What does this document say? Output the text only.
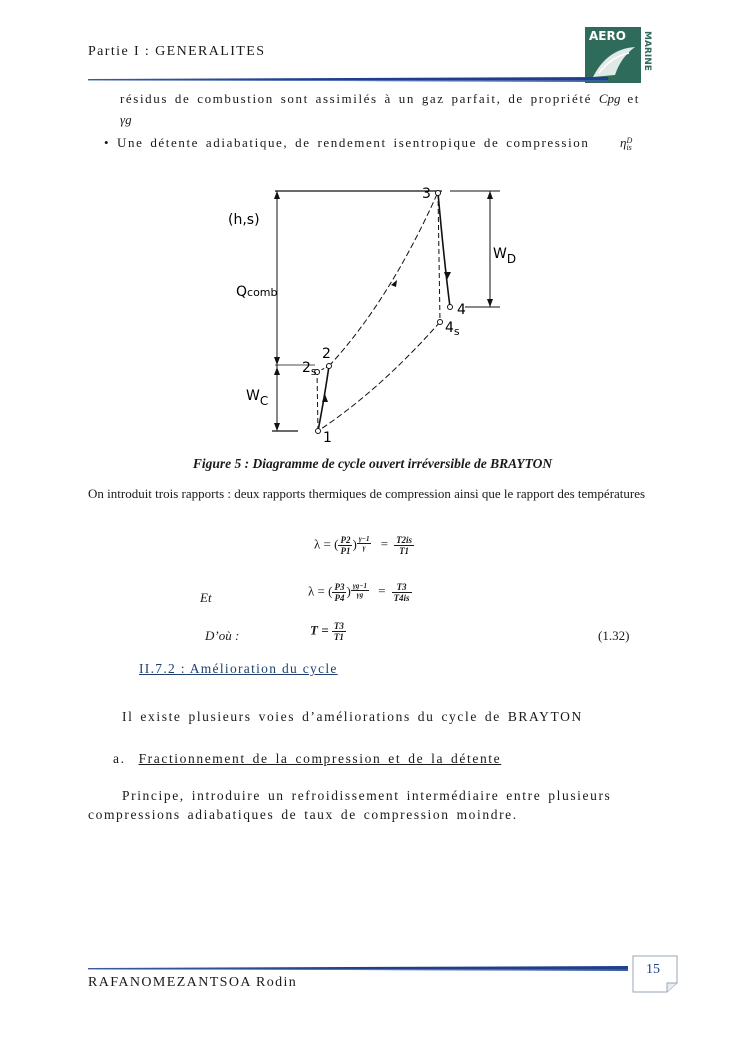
Partie I : GENERALITES
AERO MARINE
résidus de combustion sont assimilés à un gaz parfait, de propriété Cpg et
γg
• Une détente adiabatique, de rendement isentropique de compression ηD
is
(h,s)
Qcomb
WD
WC
3
4
$4_s$
2
$2_s$
1
Figure 5 : Diagramme de cycle ouvert irréversible de BRAYTON
On introduit trois rapports : deux rapports thermiques de compression ainsi que le rapport des températures
λ = ( $\frac{P2}{P1}$ ) $\frac{\gamma-1}{\gamma} = \frac{T2is}{T1}$
Et	λ = ( $\frac{P3}{P4}$ ) $\frac{\gamma g-1}{\gamma g} = \frac{T3}{T4is}$
D’où :	$T = \frac{T3}{T1}$	(1.32)
II.7.2 : Amélioration du cycle
Il existe plusieurs voies d’améliorations du cycle de BRAYTON
a. Fractionnement de la compression et de la détente
Principe, introduire un refroidissement intermédiaire entre plusieurs compressions adiabatiques de taux de compression moindre.
15
RAFANOMEZANTSOA Rodin
